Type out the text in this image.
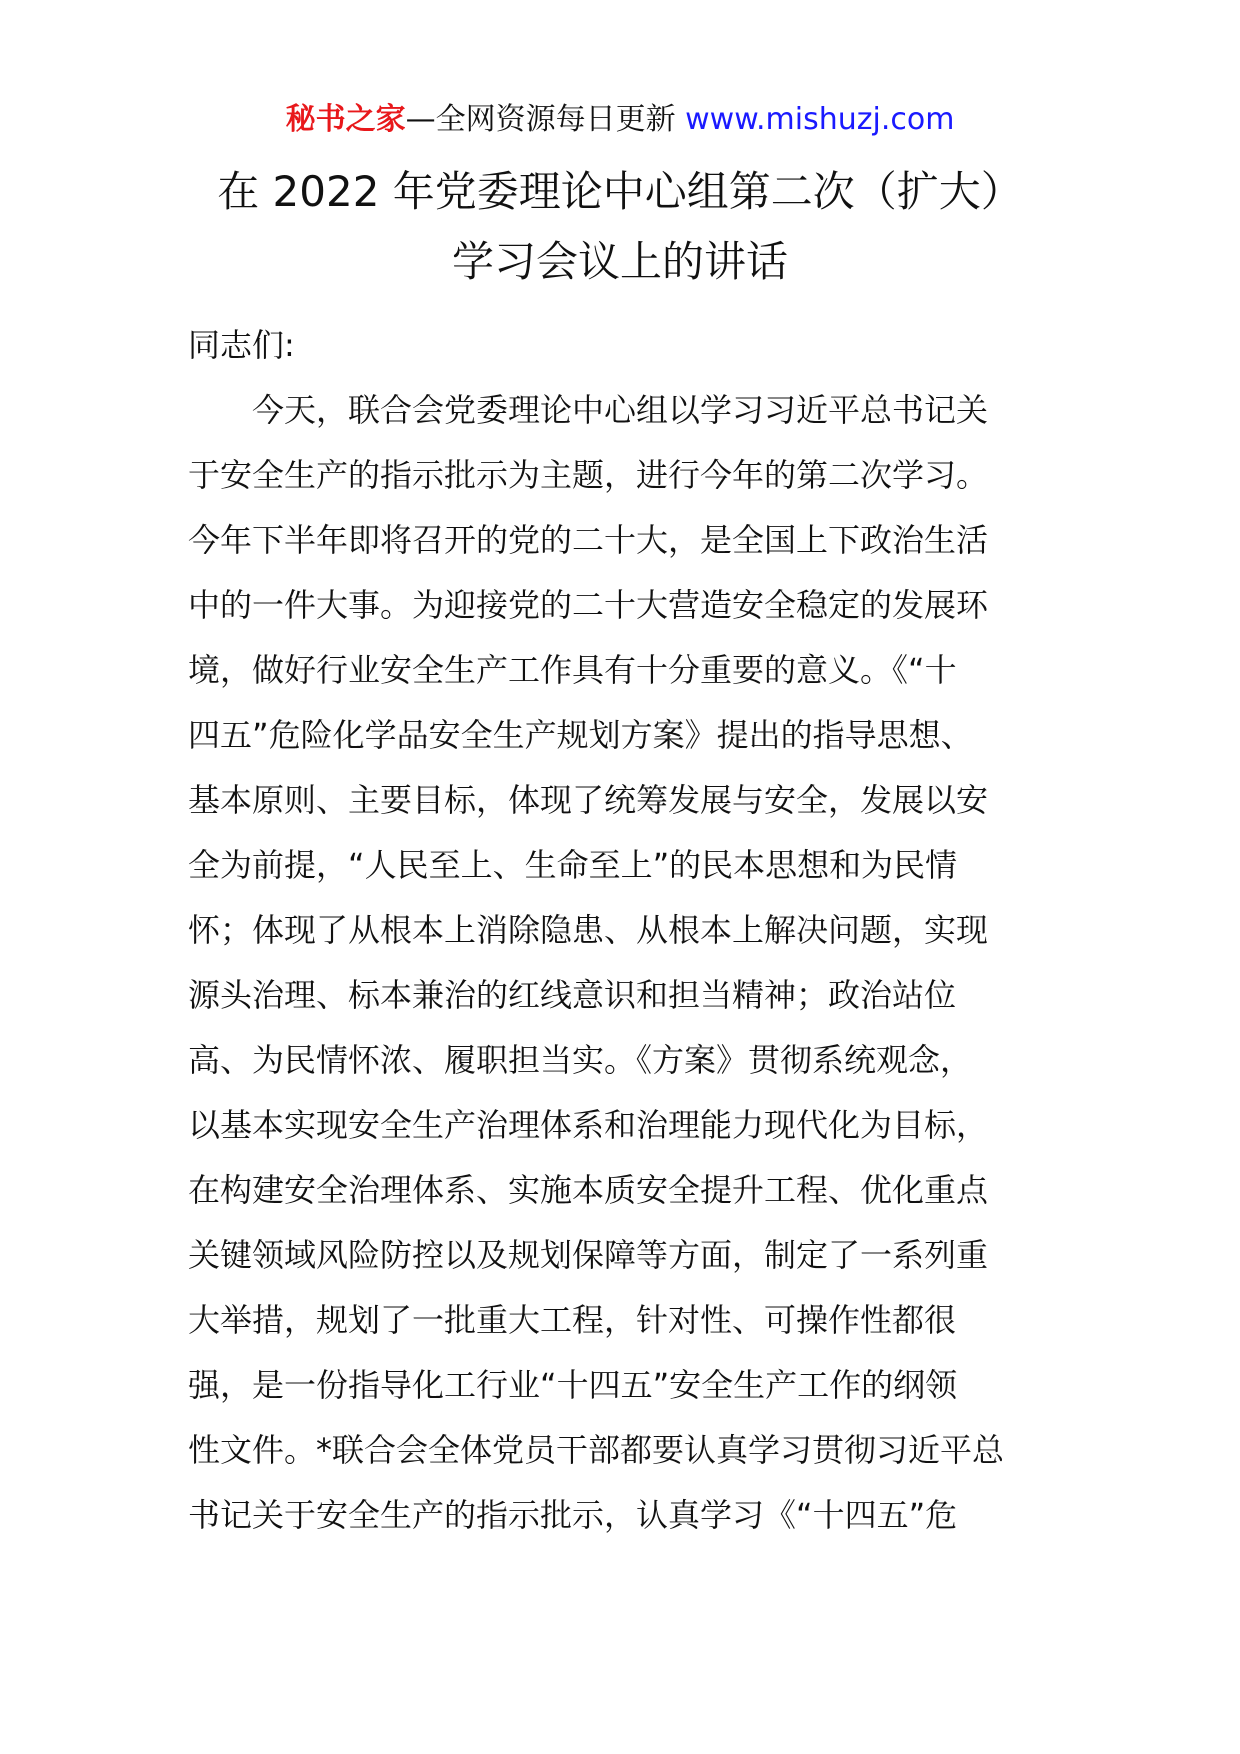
秘书之家—全网资源每日更新 www.mishuzj.com
在 2022 年党委理论中心组第二次（扩大）
学习会议上的讲话
同志们:
今天，联合会党委理论中心组以学习习近平总书记关
于安全生产的指示批示为主题，进行今年的第二次学习。
今年下半年即将召开的党的二十大，是全国上下政治生活
中的一件大事。为迎接党的二十大营造安全稳定的发展环
境，做好行业安全生产工作具有十分重要的意义。《“十
四五”危险化学品安全生产规划方案》提出的指导思想、
基本原则、主要目标，体现了统筹发展与安全，发展以安
全为前提，“人民至上、生命至上”的民本思想和为民情
怀；体现了从根本上消除隐患、从根本上解决问题，实现
源头治理、标本兼治的红线意识和担当精神；政治站位
高、为民情怀浓、履职担当实。《方案》贯彻系统观念，
以基本实现安全生产治理体系和治理能力现代化为目标，
在构建安全治理体系、实施本质安全提升工程、优化重点
关键领域风险防控以及规划保障等方面，制定了一系列重
大举措，规划了一批重大工程，针对性、可操作性都很
强，是一份指导化工行业“十四五”安全生产工作的纲领
性文件。*联合会全体党员干部都要认真学习贯彻习近平总
书记关于安全生产的指示批示，认真学习《“十四五”危
